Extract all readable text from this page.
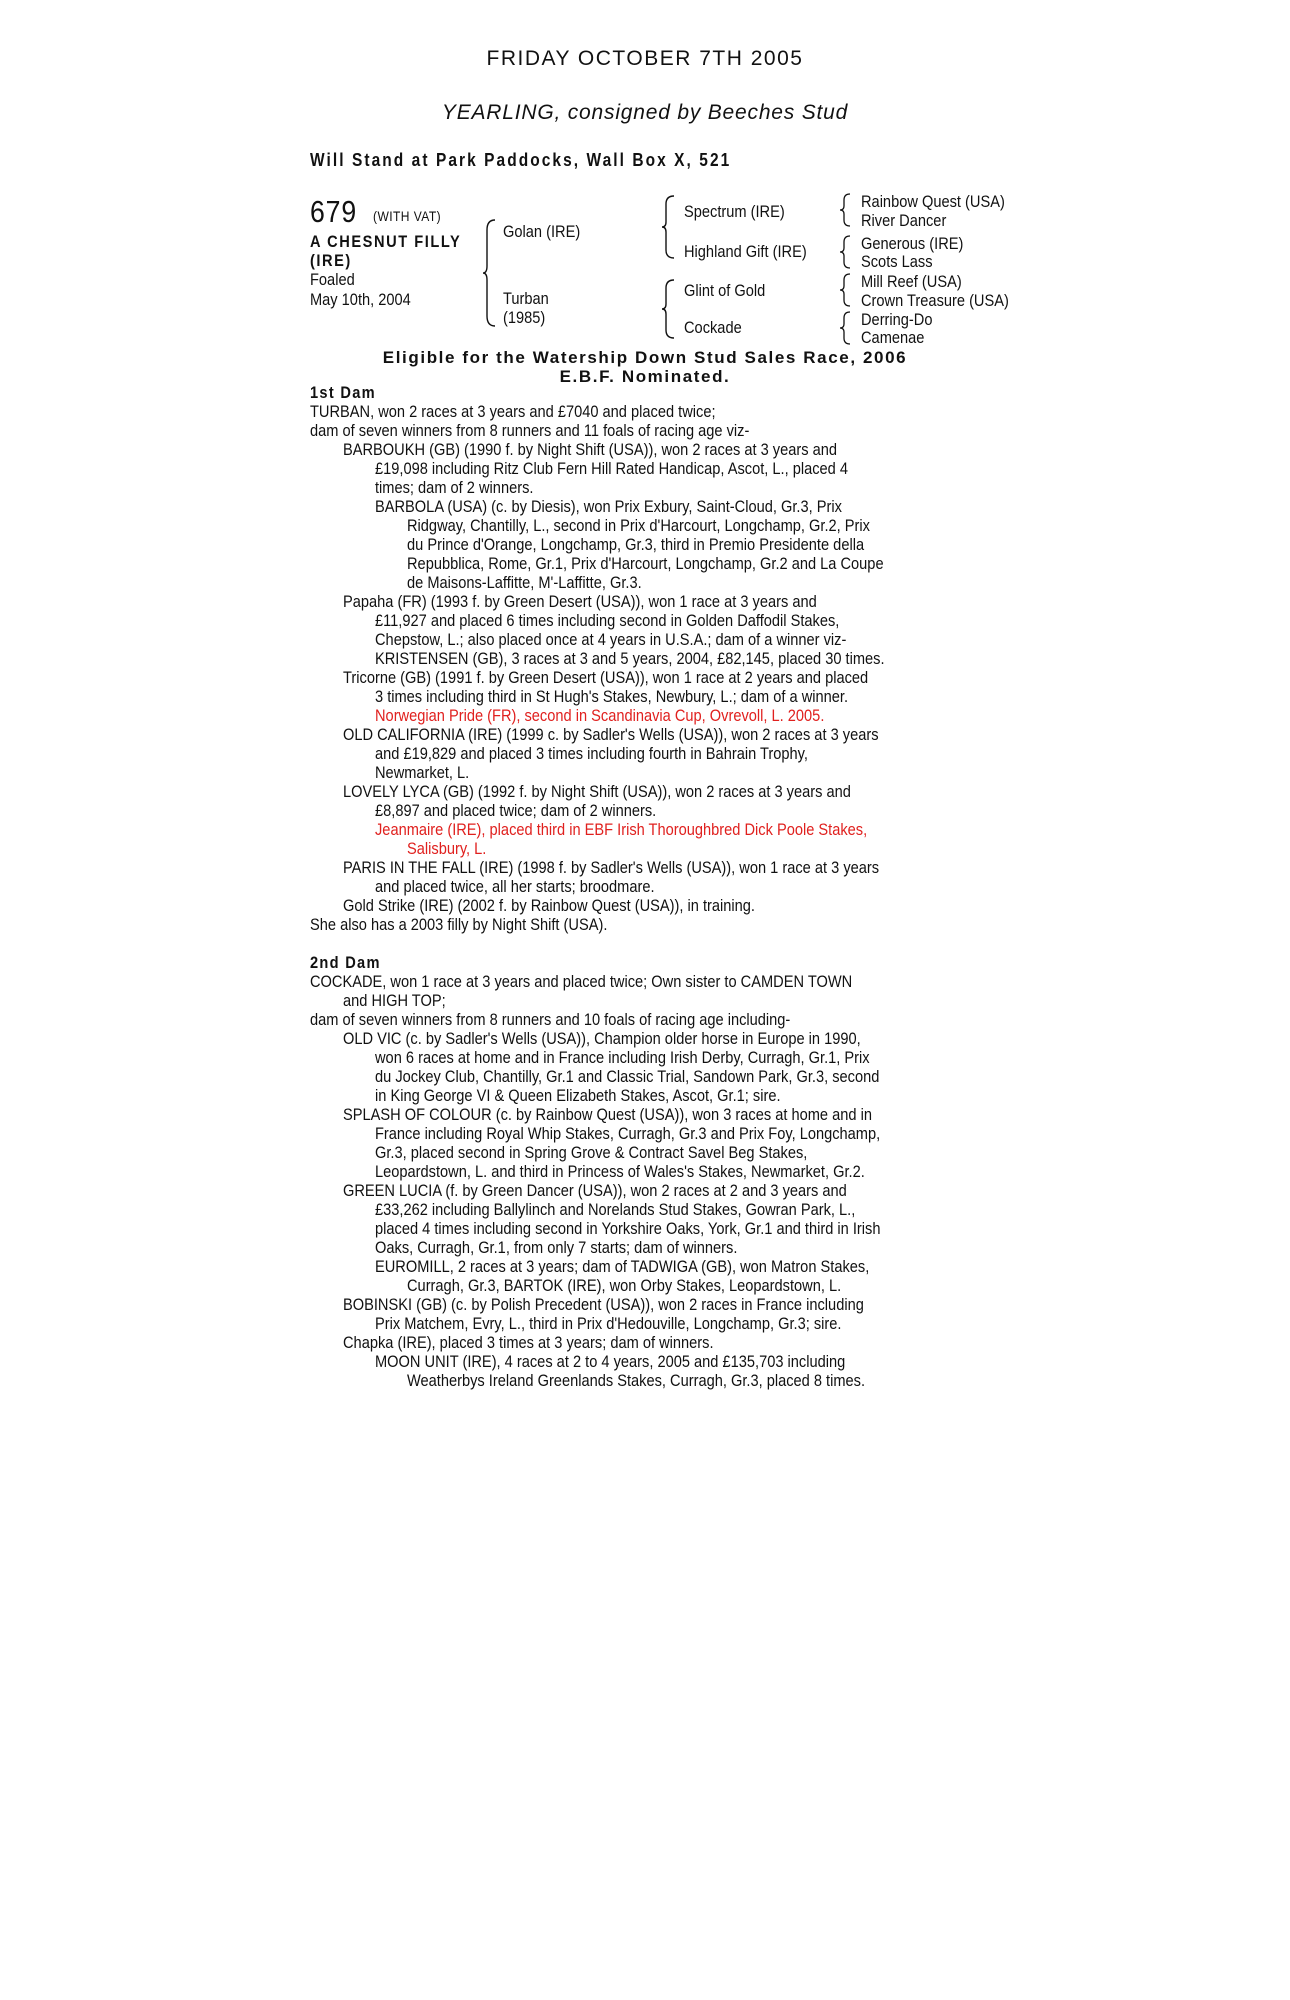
FRIDAY OCTOBER 7TH 2005
YEARLING, consigned by Beeches Stud
Will Stand at Park Paddocks, Wall Box X, 521
679 (WITH VAT)
A CHESNUT FILLY
(IRE)
Foaled
May 10th, 2004
Golan (IRE)
Turban
(1985)
Spectrum (IRE)
Highland Gift (IRE)
Glint of Gold
Cockade
Rainbow Quest (USA)
River Dancer
Generous (IRE)
Scots Lass
Mill Reef (USA)
Crown Treasure (USA)
Derring-Do
Camenae
Eligible for the Watership Down Stud Sales Race, 2006
E.B.F. Nominated.
1st Dam
TURBAN, won 2 races at 3 years and £7040 and placed twice;
dam of seven winners from 8 runners and 11 foals of racing age viz-
BARBOUKH (GB) (1990 f. by Night Shift (USA)), won 2 races at 3 years and
£19,098 including Ritz Club Fern Hill Rated Handicap, Ascot, L., placed 4
times; dam of 2 winners.
BARBOLA (USA) (c. by Diesis), won Prix Exbury, Saint-Cloud, Gr.3, Prix
Ridgway, Chantilly, L., second in Prix d'Harcourt, Longchamp, Gr.2, Prix
du Prince d'Orange, Longchamp, Gr.3, third in Premio Presidente della
Repubblica, Rome, Gr.1, Prix d'Harcourt, Longchamp, Gr.2 and La Coupe
de Maisons-Laffitte, M'-Laffitte, Gr.3.
Papaha (FR) (1993 f. by Green Desert (USA)), won 1 race at 3 years and
£11,927 and placed 6 times including second in Golden Daffodil Stakes,
Chepstow, L.; also placed once at 4 years in U.S.A.; dam of a winner viz-
KRISTENSEN (GB), 3 races at 3 and 5 years, 2004, £82,145, placed 30 times.
Tricorne (GB) (1991 f. by Green Desert (USA)), won 1 race at 2 years and placed
3 times including third in St Hugh's Stakes, Newbury, L.; dam of a winner.
Norwegian Pride (FR), second in Scandinavia Cup, Ovrevoll, L. 2005.
OLD CALIFORNIA (IRE) (1999 c. by Sadler's Wells (USA)), won 2 races at 3 years
and £19,829 and placed 3 times including fourth in Bahrain Trophy,
Newmarket, L.
LOVELY LYCA (GB) (1992 f. by Night Shift (USA)), won 2 races at 3 years and
£8,897 and placed twice; dam of 2 winners.
Jeanmaire (IRE), placed third in EBF Irish Thoroughbred Dick Poole Stakes,
Salisbury, L.
PARIS IN THE FALL (IRE) (1998 f. by Sadler's Wells (USA)), won 1 race at 3 years
and placed twice, all her starts; broodmare.
Gold Strike (IRE) (2002 f. by Rainbow Quest (USA)), in training.
She also has a 2003 filly by Night Shift (USA).
2nd Dam
COCKADE, won 1 race at 3 years and placed twice; Own sister to CAMDEN TOWN
and HIGH TOP;
dam of seven winners from 8 runners and 10 foals of racing age including-
OLD VIC (c. by Sadler's Wells (USA)), Champion older horse in Europe in 1990,
won 6 races at home and in France including Irish Derby, Curragh, Gr.1, Prix
du Jockey Club, Chantilly, Gr.1 and Classic Trial, Sandown Park, Gr.3, second
in King George VI & Queen Elizabeth Stakes, Ascot, Gr.1; sire.
SPLASH OF COLOUR (c. by Rainbow Quest (USA)), won 3 races at home and in
France including Royal Whip Stakes, Curragh, Gr.3 and Prix Foy, Longchamp,
Gr.3, placed second in Spring Grove & Contract Savel Beg Stakes,
Leopardstown, L. and third in Princess of Wales's Stakes, Newmarket, Gr.2.
GREEN LUCIA (f. by Green Dancer (USA)), won 2 races at 2 and 3 years and
£33,262 including Ballylinch and Norelands Stud Stakes, Gowran Park, L.,
placed 4 times including second in Yorkshire Oaks, York, Gr.1 and third in Irish
Oaks, Curragh, Gr.1, from only 7 starts; dam of winners.
EUROMILL, 2 races at 3 years; dam of TADWIGA (GB), won Matron Stakes,
Curragh, Gr.3, BARTOK (IRE), won Orby Stakes, Leopardstown, L.
BOBINSKI (GB) (c. by Polish Precedent (USA)), won 2 races in France including
Prix Matchem, Evry, L., third in Prix d'Hedouville, Longchamp, Gr.3; sire.
Chapka (IRE), placed 3 times at 3 years; dam of winners.
MOON UNIT (IRE), 4 races at 2 to 4 years, 2005 and £135,703 including
Weatherbys Ireland Greenlands Stakes, Curragh, Gr.3, placed 8 times.
